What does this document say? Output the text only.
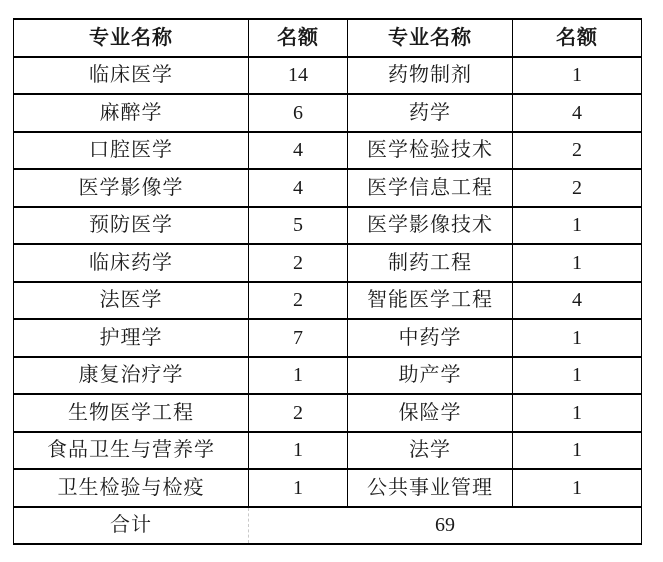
专业名称	名额	专业名称	名额
临床医学	14	药物制剂	1
麻醉学	6	药学	4
口腔医学	4	医学检验技术	2
医学影像学	4	医学信息工程	2
预防医学	5	医学影像技术	1
临床药学	2	制药工程	1
法医学	2	智能医学工程	4
护理学	7	中药学	1
康复治疗学	1	助产学	1
生物医学工程	2	保险学	1
食品卫生与营养学	1	法学	1
卫生检验与检疫	1	公共事业管理	1
合计	69		
